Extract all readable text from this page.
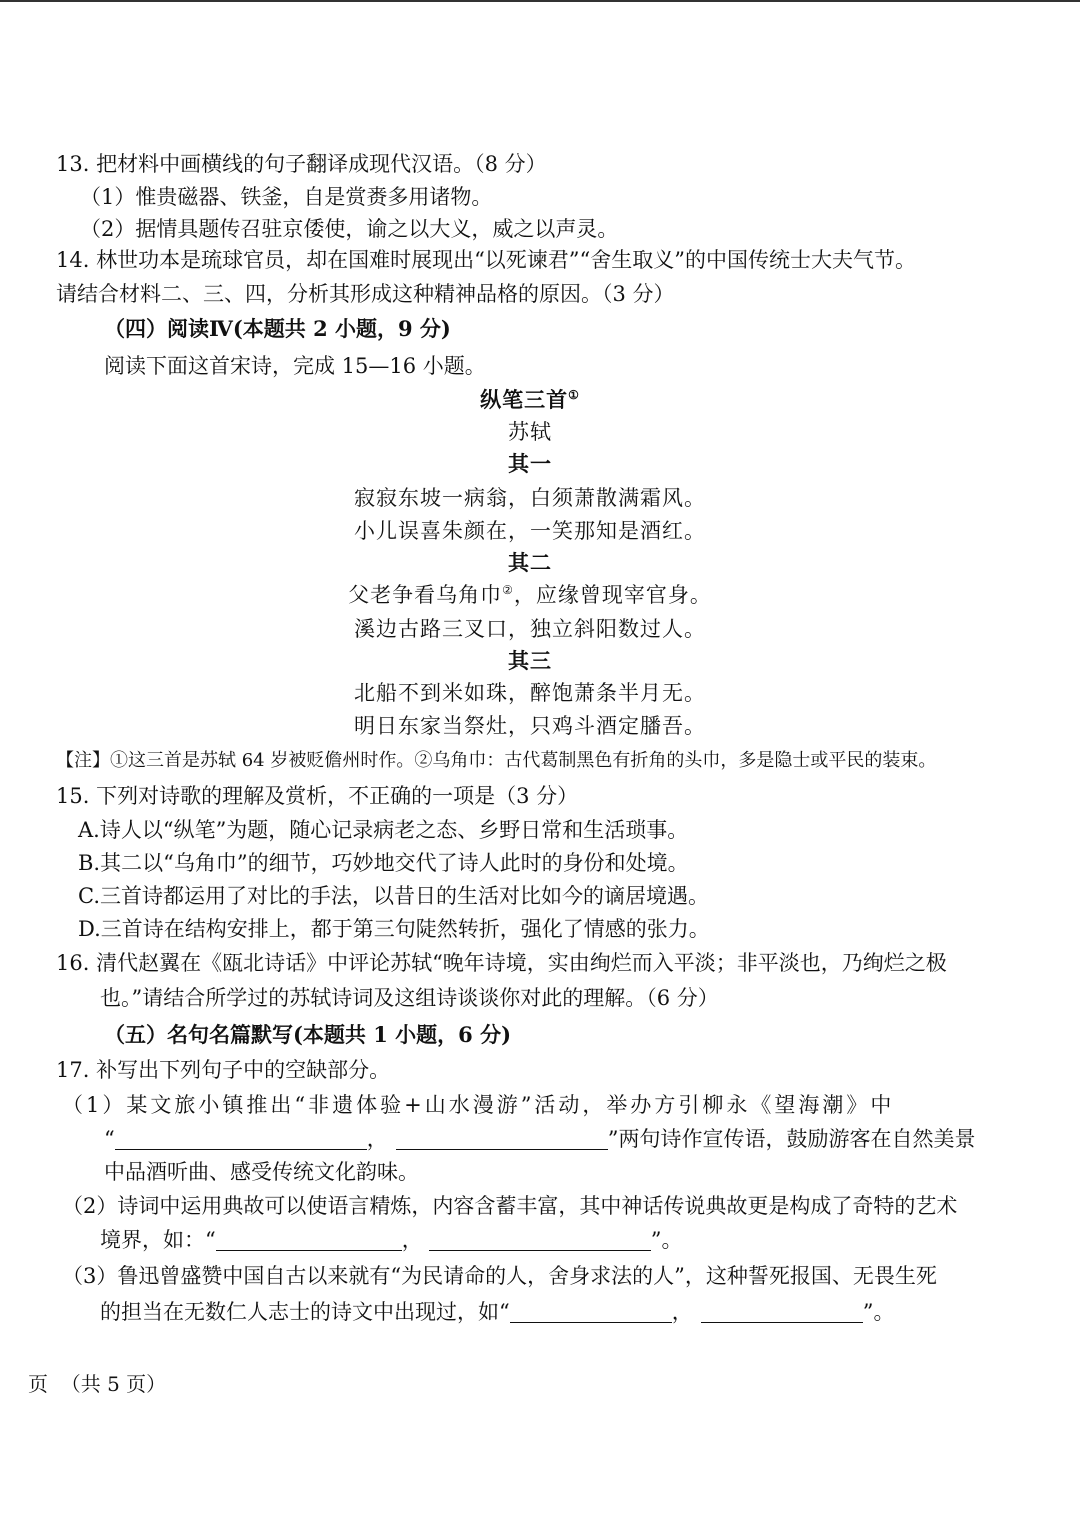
13. 把材料中画横线的句子翻译成现代汉语。（8 分）
（1）惟贵磁器、铁釜，自是赏赉多用诸物。
（2）据情具题传召驻京倭使，谕之以大义，威之以声灵。
14. 林世功本是琉球官员，却在国难时展现出“以死谏君”“舍生取义”的中国传统士大夫气节。
请结合材料二、三、四，分析其形成这种精神品格的原因。（3 分）
（四）阅读Ⅳ(本题共 2 小题，9 分)
阅读下面这首宋诗，完成 15—16 小题。
纵笔三首①
苏轼
其一
寂寂东坡一病翁，白须萧散满霜风。
小儿误喜朱颜在，一笑那知是酒红。
其二
父老争看乌角巾②，应缘曾现宰官身。
溪边古路三叉口，独立斜阳数过人。
其三
北船不到米如珠，醉饱萧条半月无。
明日东家当祭灶，只鸡斗酒定膰吾。
【注】①这三首是苏轼 64 岁被贬儋州时作。②乌角巾：古代葛制黑色有折角的头巾，多是隐士或平民的装束。
15. 下列对诗歌的理解及赏析，不正确的一项是（3 分）
A.诗人以“纵笔”为题，随心记录病老之态、乡野日常和生活琐事。
B.其二以“乌角巾”的细节，巧妙地交代了诗人此时的身份和处境。
C.三首诗都运用了对比的手法，以昔日的生活对比如今的谪居境遇。
D.三首诗在结构安排上，都于第三句陡然转折，强化了情感的张力。
16. 清代赵翼在《瓯北诗话》中评论苏轼“晚年诗境，实由绚烂而入平淡；非平淡也，乃绚烂之极
也。”请结合所学过的苏轼诗词及这组诗谈谈你对此的理解。（6 分）
（五）名句名篇默写(本题共 1 小题，6 分)
17. 补写出下列句子中的空缺部分。
（1）某文旅小镇推出“非遗体验+山水漫游”活动，举办方引柳永《望海潮》中
“	，	”两句诗作宣传语，鼓励游客在自然美景
中品酒听曲、感受传统文化韵味。
（2）诗词中运用典故可以使语言精炼，内容含蓄丰富，其中神话传说典故更是构成了奇特的艺术
境界，如：“	，	”。
（3）鲁迅曾盛赞中国自古以来就有“为民请命的人，舍身求法的人”，这种誓死报国、无畏生死
的担当在无数仁人志士的诗文中出现过，如“	，	”。
页  （共 5 页）
